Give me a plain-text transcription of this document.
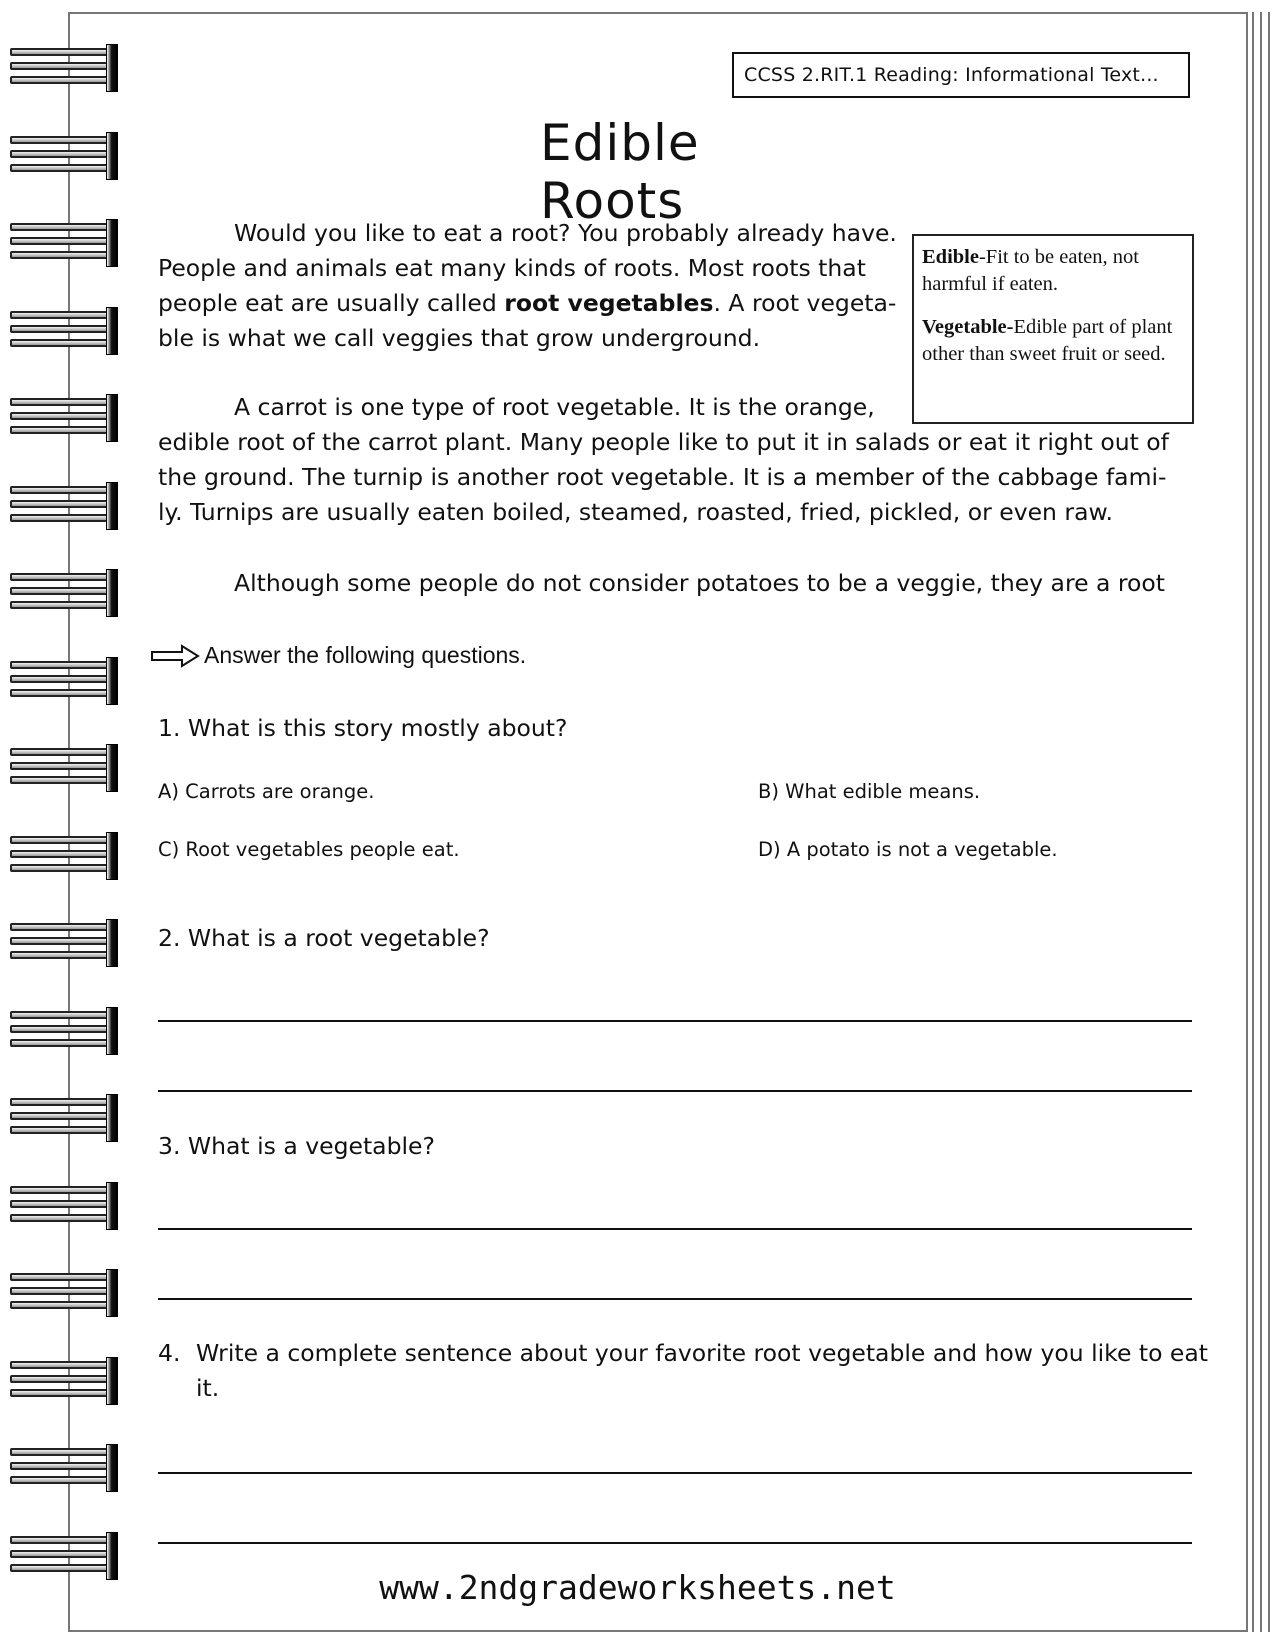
CCSS 2.RIT.1 Reading: Informational Text...
Edible Roots

Would you like to eat a root? You probably already have.
People and animals eat many kinds of roots. Most roots that
people eat are usually called root vegetables. A root vegeta-
ble is what we call veggies that grow underground.

Edible-Fit to be eaten, not harmful if eaten.

Vegetable-Edible part of plant other than sweet fruit or seed.

A carrot is one type of root vegetable. It is the orange,
edible root of the carrot plant. Many people like to put it in salads or eat it right out of
the ground. The turnip is another root vegetable. It is a member of the cabbage fami-
ly. Turnips are usually eaten boiled, steamed, roasted, fried, pickled, or even raw.

Although some people do not consider potatoes to be a veggie, they are a root

Answer the following questions.
1. What is this story mostly about?
A) Carrots are orange.	B) What edible means.
C) Root vegetables people eat.	D) A potato is not a vegetable.
2. What is a root vegetable?
3. What is a vegetable?
4. Write a complete sentence about your favorite root vegetable and how you like to eat
it.
www.2ndgradeworksheets.net
